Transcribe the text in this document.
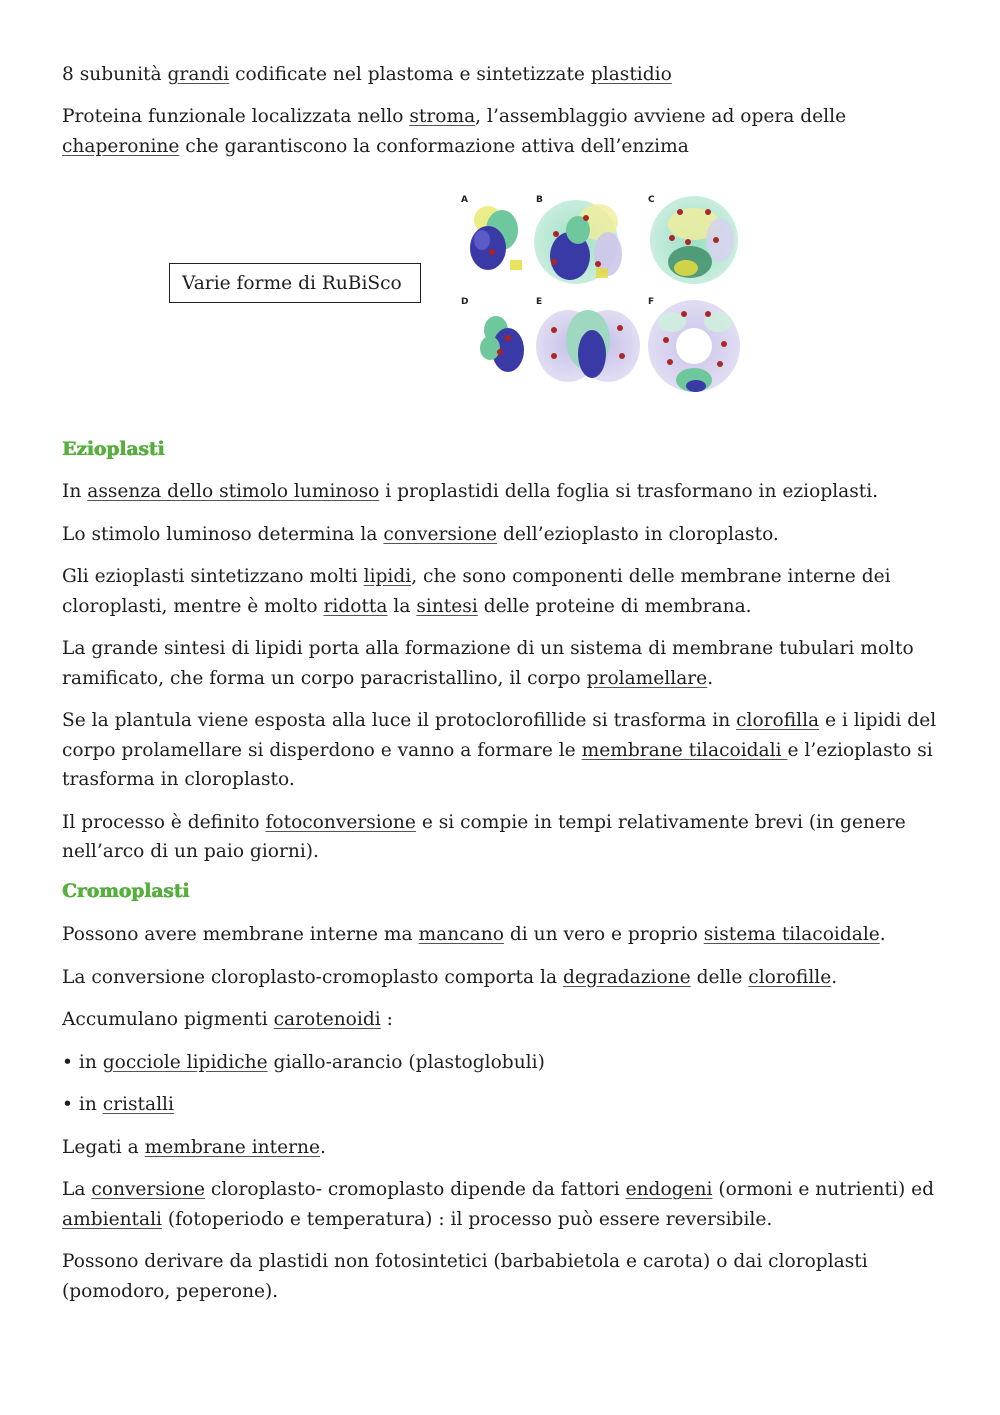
8 subunità grandi codificate nel plastoma e sintetizzate plastidio

Proteina funzionale localizzata nello stroma, l’assemblaggio avviene ad opera delle chaperonine che garantiscono la conformazione attiva dell’enzima

Ezioplasti

In assenza dello stimolo luminoso i proplastidi della foglia si trasformano in ezioplasti.

Lo stimolo luminoso determina la conversione dell’ezioplasto in cloroplasto.

Gli ezioplasti sintetizzano molti lipidi, che sono componenti delle membrane interne dei cloroplasti, mentre è molto ridotta la sintesi delle proteine di membrana.

La grande sintesi di lipidi porta alla formazione di un sistema di membrane tubulari molto ramificato, che forma un corpo paracristallino, il corpo prolamellare.

Se la plantula viene esposta alla luce il protoclorofillide si trasforma in clorofilla e i lipidi del corpo prolamellare si disperdono e vanno a formare le membrane tilacoidali e l’ezioplasto si trasforma in cloroplasto.

Il processo è definito fotoconversione e si compie in tempi relativamente brevi (in genere nell’arco di un paio giorni).

Cromoplasti

Possono avere membrane interne ma mancano di un vero e proprio sistema tilacoidale.

La conversione cloroplasto-cromoplasto comporta la degradazione delle clorofille.

Accumulano pigmenti carotenoidi :

• in gocciole lipidiche giallo-arancio (plastoglobuli)

• in cristalli

Legati a membrane interne.

La conversione cloroplasto- cromoplasto dipende da fattori endogeni (ormoni e nutrienti) ed ambientali (fotoperiodo e temperatura) : il processo può essere reversibile.

Possono derivare da plastidi non fotosintetici (barbabietola e carota) o dai cloroplasti (pomodoro, peperone).

Varie forme di RuBiSco
A	B	C
D	E	F
